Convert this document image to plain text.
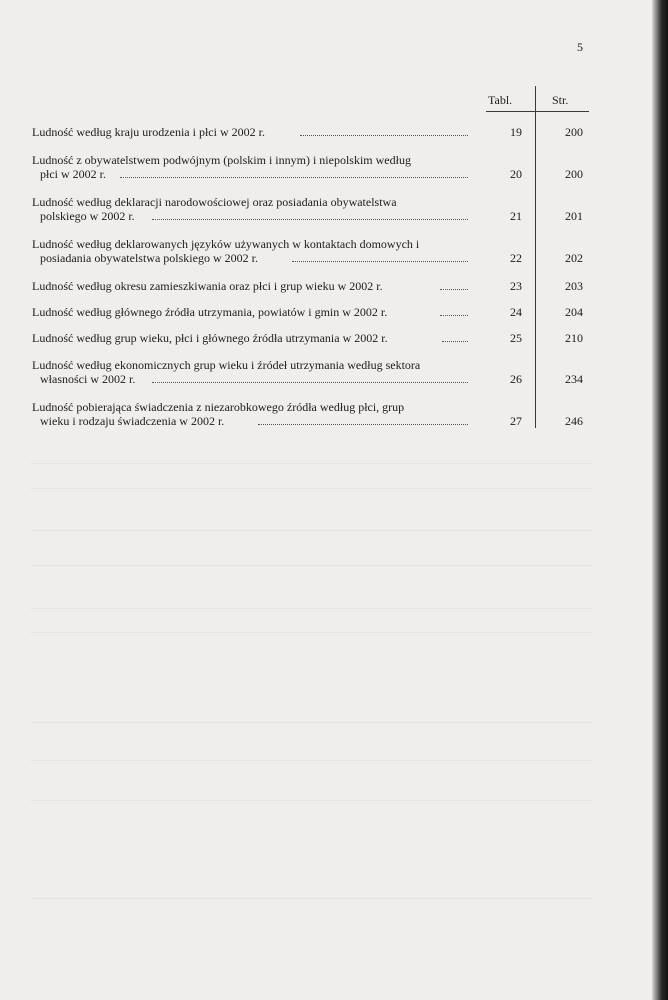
5
Tabl.	Str.
Ludność według kraju urodzenia i płci w 2002 r.	19	200
Ludność z obywatelstwem podwójnym (polskim i innym) i niepolskim według
płci w 2002 r.	20	200
Ludność według deklaracji narodowościowej oraz posiadania obywatelstwa
polskiego w 2002 r.	21	201
Ludność według deklarowanych języków używanych w kontaktach domowych i
posiadania obywatelstwa polskiego w 2002 r.	22	202
Ludność według okresu zamieszkiwania oraz płci i grup wieku w 2002 r.	23	203
Ludność według głównego źródła utrzymania, powiatów i gmin w 2002 r.	24	204
Ludność według grup wieku, płci i głównego źródła utrzymania w 2002 r.	25	210
Ludność według ekonomicznych grup wieku i źródeł utrzymania według sektora
własności w 2002 r.	26	234
Ludność pobierająca świadczenia z niezarobkowego źródła według płci, grup
wieku i rodzaju świadczenia w 2002 r.	27	246
